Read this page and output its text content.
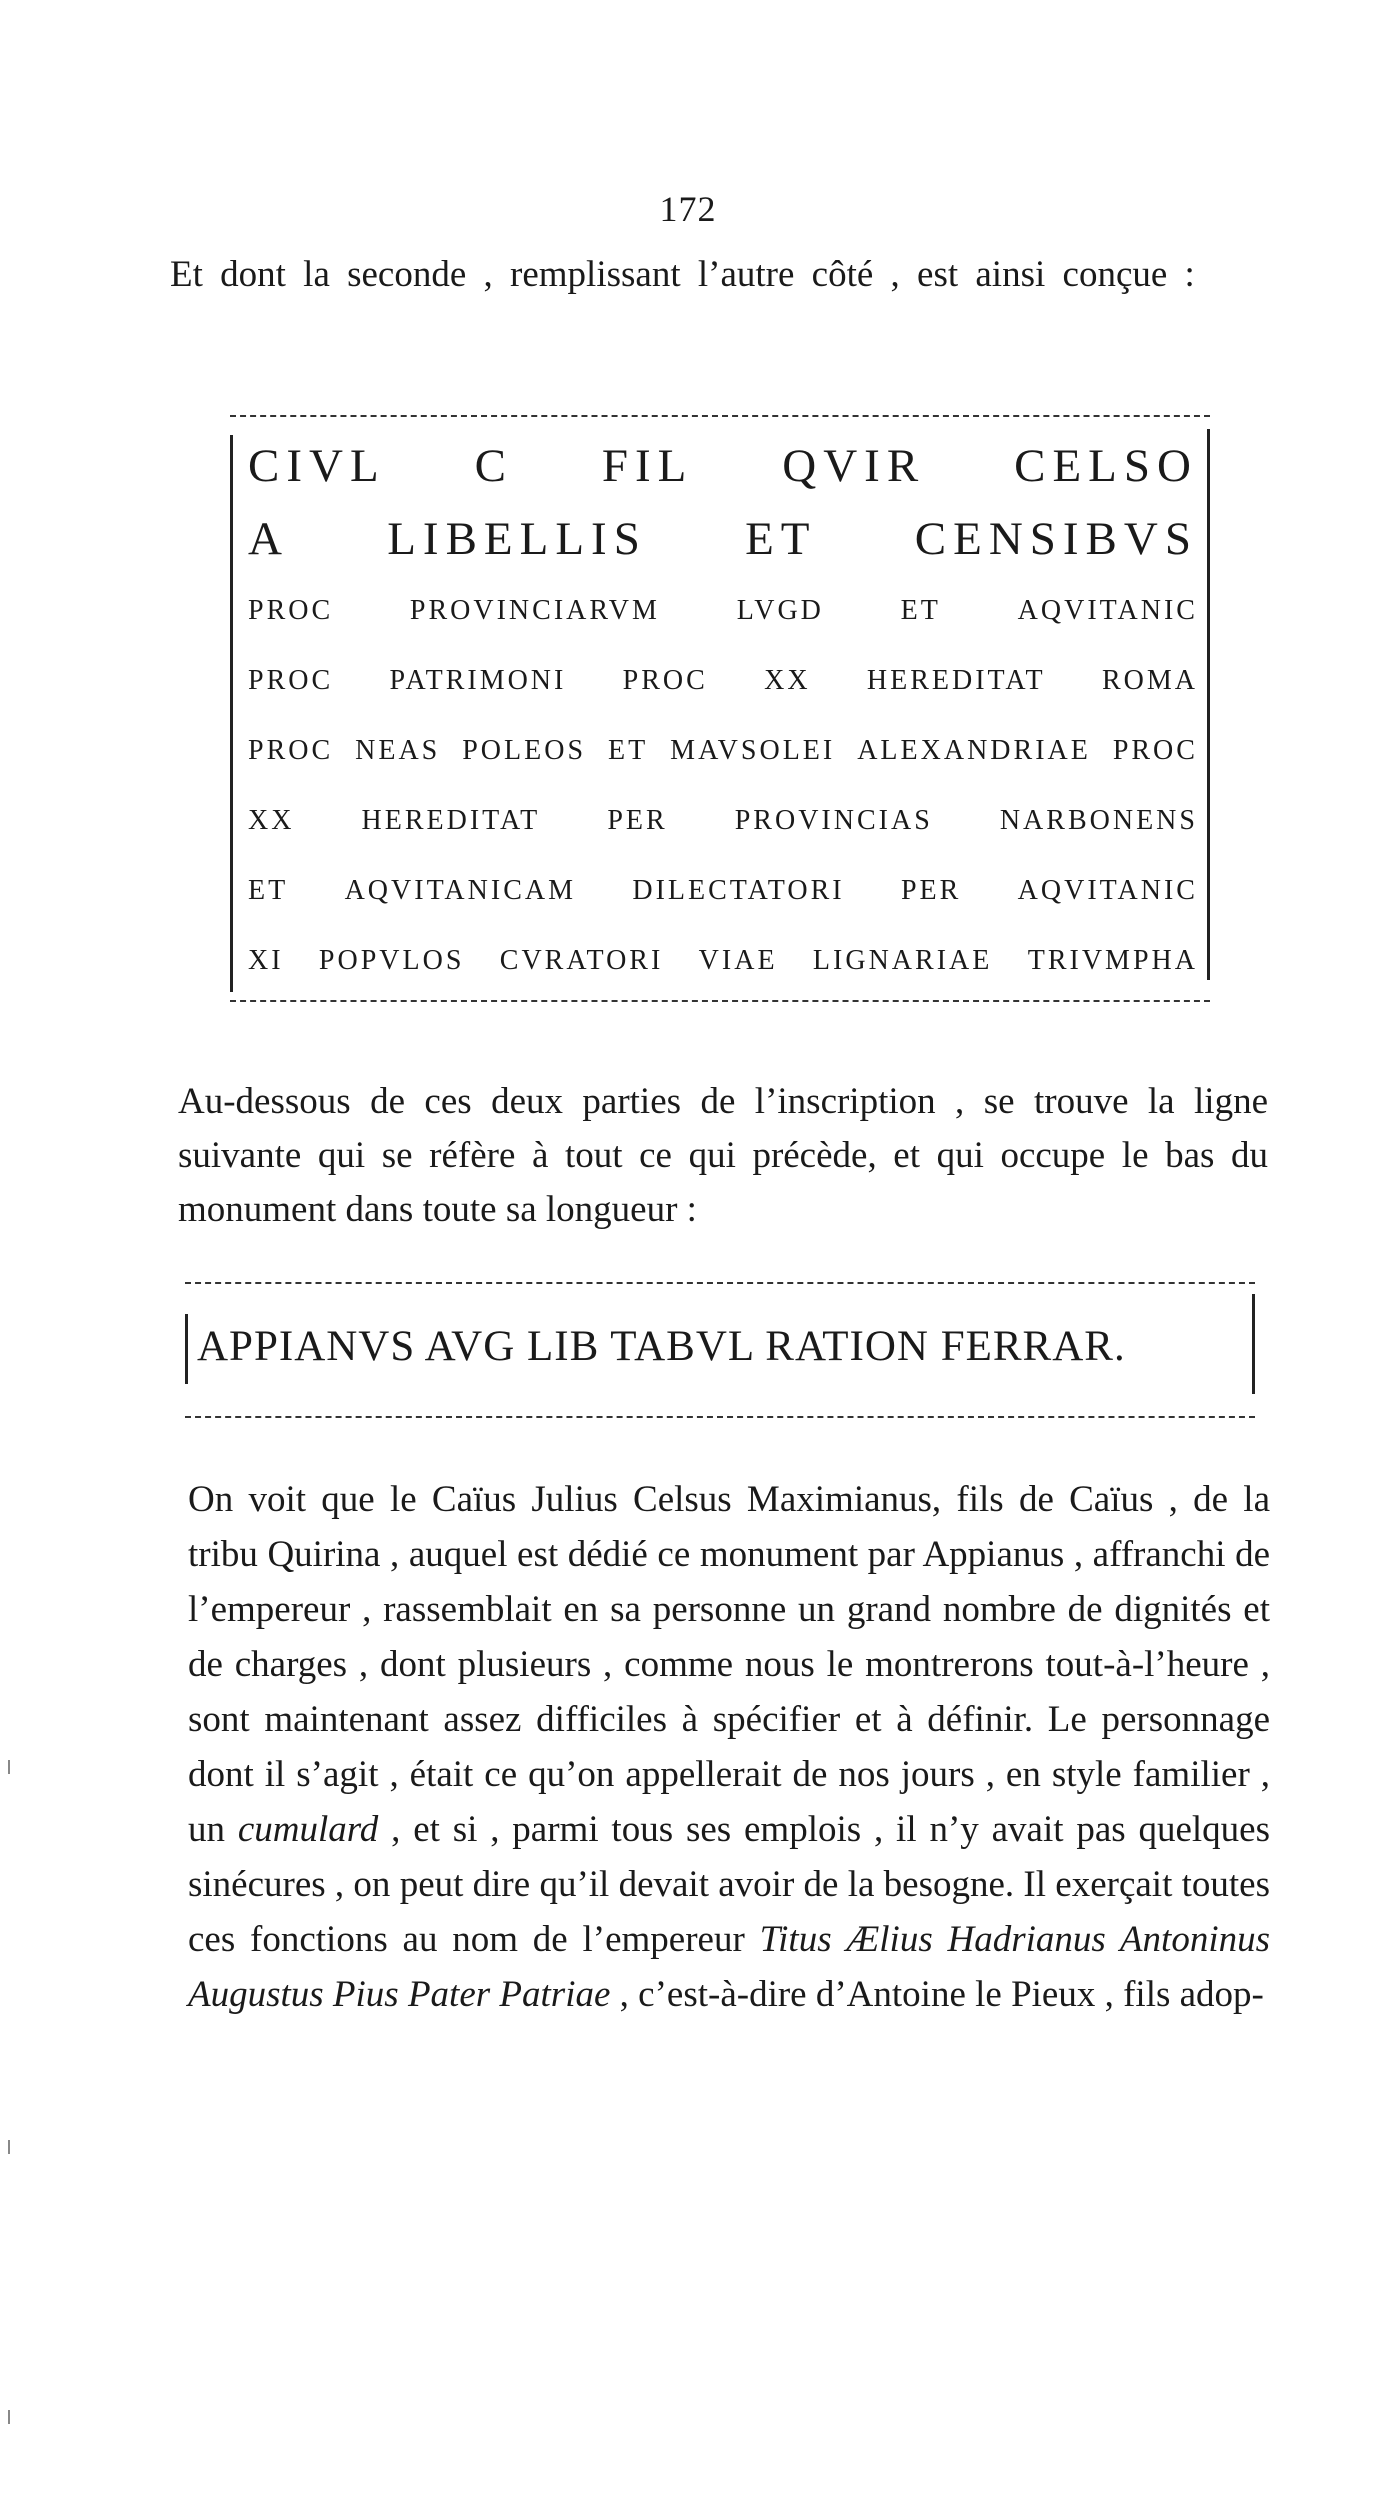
172

Et dont la seconde , remplissant l’autre côté , est ainsi conçue :

CIVL C FIL QVIR CELSO
A LIBELLIS ET CENSIBVS
PROC	PROVINCIARVM	LVGD	ET	AQVITANIC
PROC PATRIMONI PROC XX HEREDITAT ROMA
PROC NEAS POLEOS ET MAVSOLEI ALEXANDRIAE PROC
XX HEREDITAT PER PROVINCIAS NARBONENS
ET AQVITANICAM DILECTATORI PER AQVITANIC
XI POPVLOS CVRATORI VIAE LIGNARIAE TRIVMPHA

Au-dessous de ces deux parties de l’inscription , se trouve la ligne suivante qui se réfère à tout ce qui précède, et qui occupe le bas du monument dans toute sa longueur :

APPIANVS AVG LIB TABVL RATION FERRAR.

On voit que le Caïus Julius Celsus Maximianus, fils de Caïus , de la tribu Quirina , auquel est dédié ce monument par Appianus , affranchi de l’empereur , rassemblait en sa personne un grand nombre de dignités et de charges , dont plusieurs , comme nous le montrerons tout-à-l’heure , sont maintenant assez difficiles à spécifier et à définir. Le personnage dont il s’agit , était ce qu’on appellerait de nos jours , en style familier , un cumulard , et si , parmi tous ses emplois , il n’y avait pas quelques sinécures , on peut dire qu’il devait avoir de la besogne. Il exerçait toutes ces fonctions au nom de l’empereur Titus Ælius Hadrianus Antoninus Augustus Pius Pater Patriae , c’est-à-dire d’Antoine le Pieux , fils adop-
